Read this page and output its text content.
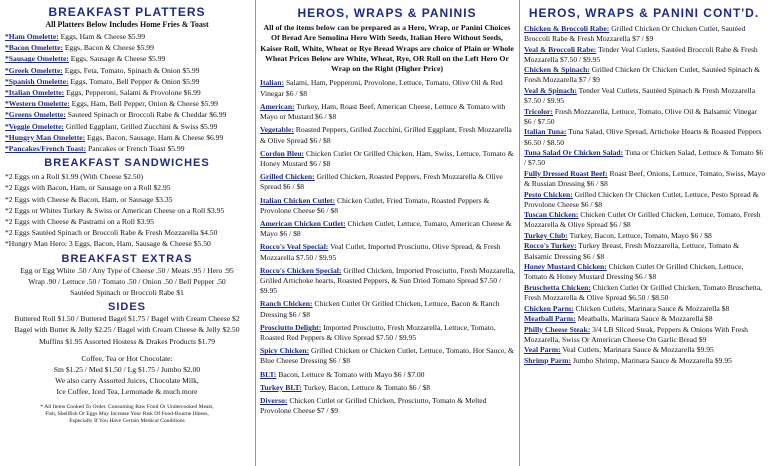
BREAKFAST PLATTERS
All Platters Below Includes Home Fries & Toast
*Ham Omelette: Eggs, Ham & Cheese $5.99
*Bacon Omelette: Eggs, Bacon & Cheese $5.99
*Sausage Omelette: Eggs, Sausage & Cheese $5.99
*Greek Omelette: Eggs, Feta, Tomato, Spinach & Onion $5.99
*Spanish Omelette: Eggs, Tomato, Bell Pepper & Onion $5.99
*Italian Omelette: Eggs, Pepperoni, Salami & Provolone $6.99
*Western Omelette: Eggs, Ham, Bell Pepper, Onion & Cheese $5.99
*Greens Omelette: Sauteed Spinach or Broccoli Rabe & Cheddar $6.99
*Veggie Omelette: Grilled Eggplant, Grilled Zucchini & Swiss $5.99
*Hungry Man Omelette: Eggs, Bacon, Sausage, Ham & Cheese $6.99
*Pancakes/French Toast: Pancakes or French Toast $5.99
BREAKFAST SANDWICHES
*2 Eggs on a Roll $1.99 (With Cheese $2.50)
*2 Eggs with Bacon, Ham, or Sausage on a Roll $2.95
*2 Eggs with Cheese & Bacon, Ham, or Sausage $3.35
*2 Eggs or Whites Turkey & Swiss or American Cheese on a Roll $3.95
*2 Eggs with Cheese & Pastrami on a Roll $3.95
*2 Eggs Sautéed Spinach or Broccoli Rabe & Fresh Mozzarella $4.50
*Hungry Man Hero: 3 Eggs, Bacon, Ham, Sausage & Cheese $5.50
BREAKFAST EXTRAS
Egg or Egg White .50 / Any Type of Cheese .50 / Meats .95 / Hero .95
Wrap .90 / Lettuce .50 / Tomato .50 / Onion .50 / Bell Pepper .50
Sautéed Spinach or Broccoli Rabe $1
SIDES
Buttered Roll $1.50 / Buttered Bagel $1.75 / Bagel with Cream Cheese $2
Bagel with Butter & Jelly $2.25 / Bagel with Cream Cheese & Jelly $2.50
Muffins $1.95 Assorted Hostess & Drakes Products $1.79
Coffee, Tea or Hot Chocolate:
Sm $1.25 / Med $1.50 / Lg $1.75 / Jumbo $2.00
We also carry Assorted Juices, Chocolate Milk,
Ice Coffee, Iced Tea, Lemonade & much more
* All Items Cooked To Order. Consuming Raw Food Or Undercooked Meats,
Fish, Shellfish Or Eggs May Increase Your Risk Of Food-Bourne Illness,
Especially If You Have Certain Medical Conditions
HEROS, WRAPS & PANINIS
All of the items below can be prepared as a Hero, Wrap, or Panini Choices Of Bread Are Semolina Hero With Seeds, Italian Hero Without Seeds, Kaiser Roll, White, Wheat or Rye Bread Wraps are choice of Plain or Whole Wheat Prices Below are White, Wheat, Rye, OR Roll on the Left Hero Or Wrap on the Right (Higher Price)
Italian: Salami, Ham, Pepperoni, Provolone, Lettuce, Tomato, Olive Oil & Red Vinegar $6 / $8
American: Turkey, Ham, Roast Beef, American Cheese, Lettuce & Tomato with Mayo or Mustard $6 / $8
Vegetable: Roasted Peppers, Grilled Zucchini, Grilled Eggplant, Fresh Mozzarella & Olive Spread $6 / $8
Cordon Bleu: Chicken Cutlet Or Grilled Chicken, Ham, Swiss, Lettuce, Tomato & Honey Mustard $6 / $8
Grilled Chicken: Grilled Chicken, Roasted Peppers, Fresh Mozzarella & Olive Spread $6 / $8
Italian Chicken Cutlet: Chicken Cutlet, Fried Tomato, Roasted Peppers & Provolone Cheese $6 / $8
American Chicken Cutlet: Chicken Cutlet, Lettuce, Tomato, American Cheese & Mayo $6 / $8
Rocco's Veal Special: Veal Cutlet, Imported Prosciutto, Olive Spread, & Fresh Mozzarella $7.50 / $9.95
Rocco's Chicken Special: Grilled Chicken, Imported Prosciutto, Fresh Mozzarella, Grilled Artichoke hearts, Roasted Peppers, & Sun Dried Tomato Spread $7.50 / $9.95
Ranch Chicken: Chicken Cutlet Or Grilled Chicken, Lettuce, Bacon & Ranch Dressing $6 / $8
Prosciutto Delight: Imported Prosciutto, Fresh Mozzarella, Lettuce, Tomato, Roasted Red Peppers & Olive Spread $7.50 / $9.95
Spicy Chicken: Grilled Chicken or Chicken Cutlet, Lettuce, Tomato, Hot Sauce, & Blue Cheese Dressing $6 / $8
BLT: Bacon, Lettuce & Tomato with Mayo $6 / $7.00
Turkey BLT: Turkey, Bacon, Lettuce & Tomato $6 / $8
Diverso: Chicken Cutlet or Grilled Chicken, Prosciutto, Tomato & Melted Provolone Cheese $7 / $9
HEROS, WRAPS & PANINI CONT'D.
Chicken & Broccoli Rabe: Grilled Chicken Or Chicken Cutlet, Sautéed Broccoli Rabe & Fresh Mozzarella $7 / $9
Veal & Broccoli Rabe: Tender Veal Cutlets, Sautéed Broccoli Rabe & Fresh Mozzarella $7.50 / $9.95
Chicken & Spinach: Grilled Chicken Or Chicken Cutlet, Sautéed Spinach & Fresh Mozzarella $7 / $9
Veal & Spinach: Tender Veal Cutlets, Sautéed Spinach & Fresh Mozzarella $7.50 / $9.95
Tricolor: Fresh Mozzarella, Lettuce, Tomato, Olive Oil & Balsamic Vinegar $6 / $7.50
Italian Tuna: Tuna Salad, Olive Spread, Artichoke Hearts & Roasted Peppers $6.50 / $8.50
Tuna Salad Or Chicken Salad: Tuna or Chicken Salad, Lettuce & Tomato $6 / $7.50
Fully Dressed Roast Beef: Roast Beef, Onions, Lettuce, Tomato, Swiss, Mayo & Russian Dressing $6 / $8
Pesto Chicken: Grilled Chicken Or Chicken Cutlet, Lettuce, Pesto Spread & Provolone Cheese $6 / $8
Tuscan Chicken: Chicken Cutlet Or Grilled Chicken, Lettuce, Tomato, Fresh Mozzarella & Olive Spread $6 / $8
Turkey Club: Turkey, Bacon, Lettuce, Tomato, Mayo $6 / $8
Rocco's Turkey: Turkey Breast, Fresh Mozzarella, Lettuce, Tomato & Balsamic Dressing $6 / $8
Honey Mustard Chicken: Chicken Cutlet Or Grilled Chicken, Lettuce, Tomato & Honey Mustard Dressing $6 / $8
Bruschetta Chicken: Chicken Cutlet Or Grilled Chicken, Tomato Bruschetta, Fresh Mozzarella & Olive Spread $6.50 / $8.50
Chicken Parm: Chicken Cutlets, Marinara Sauce & Mozzarella $8
Meatball Parm: Meatballs, Marinara Sauce & Mozzarella $8
Philly Cheese Steak: 3/4 LB Sliced Steak, Peppers & Onions With Fresh Mozzarella, Swiss Or American Cheese On Garlic Bread $9
Veal Parm: Veal Cutlets, Marinara Sauce & Mozzarella $9.95
Shrimp Parm: Jumbo Shrimp, Marinara Sauce & Mozzarella $9.95
